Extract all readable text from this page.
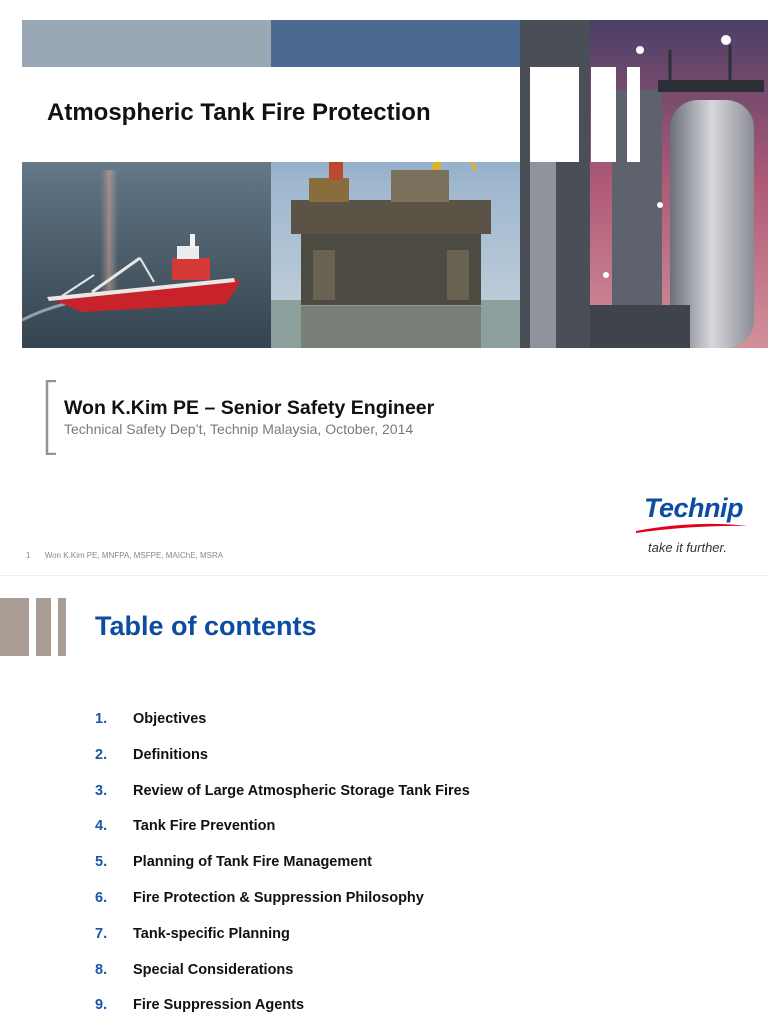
Atmospheric Tank Fire Protection
Won K.Kim PE – Senior Safety Engineer
Technical Safety Dep’t, Technip Malaysia, October, 2014
Technip
take it further.
1 Won K.Kim PE, MNFPA, MSFPE, MAIChE, MSRA
Table of contents
1. Objectives
2. Definitions
3. Review of Large Atmospheric Storage Tank Fires
4. Tank Fire Prevention
5. Planning of Tank Fire Management
6. Fire Protection & Suppression Philosophy
7. Tank-specific Planning
8. Special Considerations
9. Fire Suppression Agents
